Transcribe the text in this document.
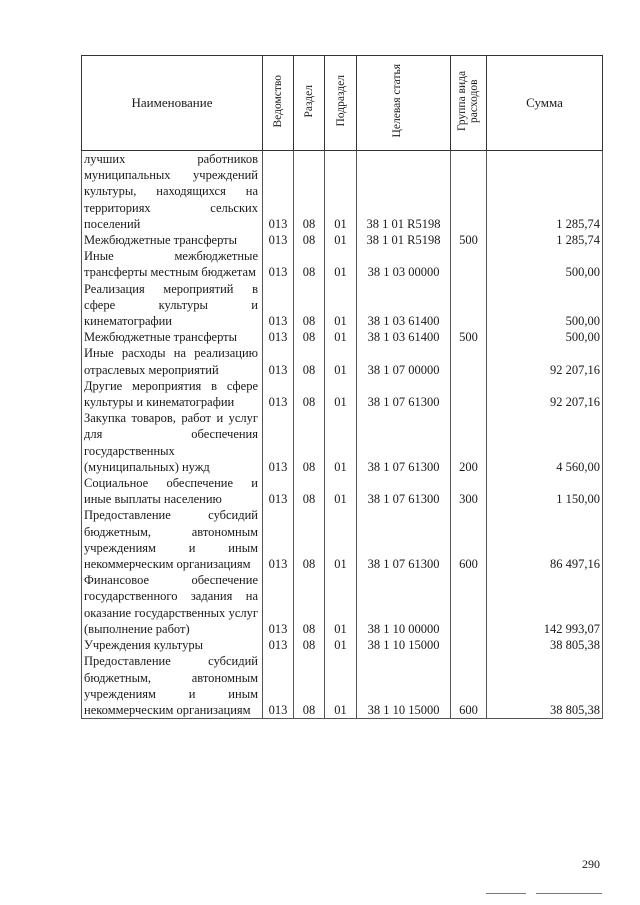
Наименование	Ведомство	Раздел	Подраздел	Целевая статья	Группа вида расходов	Сумма
лучших работников муниципальных учреждений культуры, находящихся на территориях сельских поселений	013	08	01	38 1 01 R5198		1 285,74
Межбюджетные трансферты	013	08	01	38 1 01 R5198	500	1 285,74
Иные межбюджетные трансферты местным бюджетам	013	08	01	38 1 03 00000		500,00
Реализация мероприятий в сфере культуры и кинематографии	013	08	01	38 1 03 61400		500,00
Межбюджетные трансферты	013	08	01	38 1 03 61400	500	500,00
Иные расходы на реализацию отраслевых мероприятий	013	08	01	38 1 07 00000		92 207,16
Другие мероприятия в сфере культуры и кинематографии	013	08	01	38 1 07 61300		92 207,16
Закупка товаров, работ и услуг для обеспечения государственных (муниципальных) нужд	013	08	01	38 1 07 61300	200	4 560,00
Социальное обеспечение и иные выплаты населению	013	08	01	38 1 07 61300	300	1 150,00
Предоставление субсидий бюджетным, автономным учреждениям и иным некоммерческим организациям	013	08	01	38 1 07 61300	600	86 497,16
Финансовое обеспечение государственного задания на оказание государственных услуг (выполнение работ)	013	08	01	38 1 10 00000		142 993,07
Учреждения культуры	013	08	01	38 1 10 15000		38 805,38
Предоставление субсидий бюджетным, автономным учреждениям и иным некоммерческим организациям	013	08	01	38 1 10 15000	600	38 805,38
290
